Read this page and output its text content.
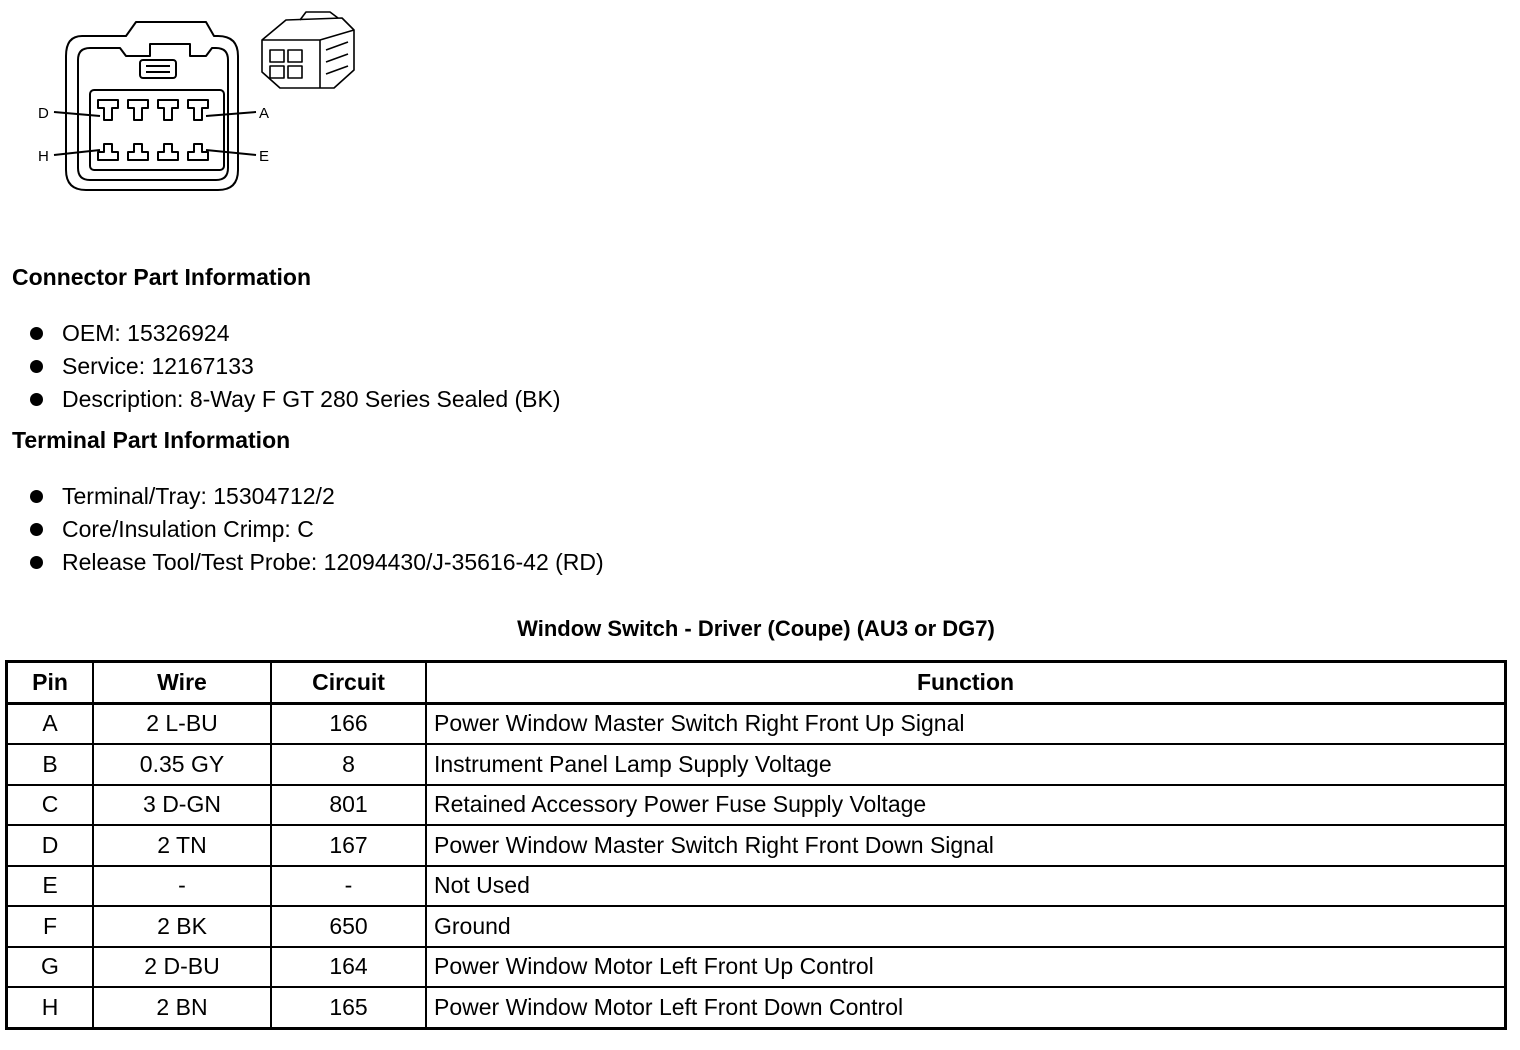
D	A
H	E
Connector Part Information
OEM: 15326924
Service: 12167133
Description: 8-Way F GT 280 Series Sealed (BK)
Terminal Part Information
Terminal/Tray: 15304712/2
Core/Insulation Crimp: C
Release Tool/Test Probe: 12094430/J-35616-42 (RD)
Window Switch - Driver (Coupe) (AU3 or DG7)
Pin	Wire	Circuit	Function
A	2 L-BU	166	Power Window Master Switch Right Front Up Signal
B	0.35 GY	8	Instrument Panel Lamp Supply Voltage
C	3 D-GN	801	Retained Accessory Power Fuse Supply Voltage
D	2 TN	167	Power Window Master Switch Right Front Down Signal
E	-	-	Not Used
F	2 BK	650	Ground
G	2 D-BU	164	Power Window Motor Left Front Up Control
H	2 BN	165	Power Window Motor Left Front Down Control
